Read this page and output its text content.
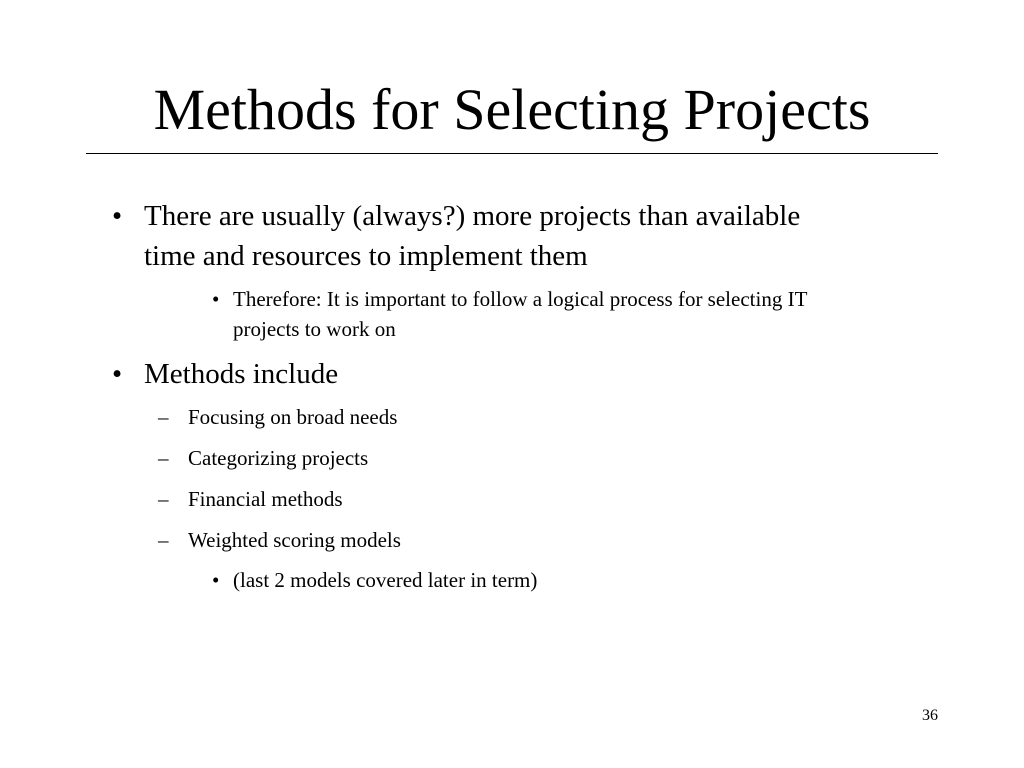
Methods for Selecting Projects
• There are usually (always?) more projects than available
time and resources to implement them
• Therefore: It is important to follow a logical process for selecting IT
projects to work on
• Methods include
– Focusing on broad needs
– Categorizing projects
– Financial methods
– Weighted scoring models
• (last 2 models covered later in term)
36
